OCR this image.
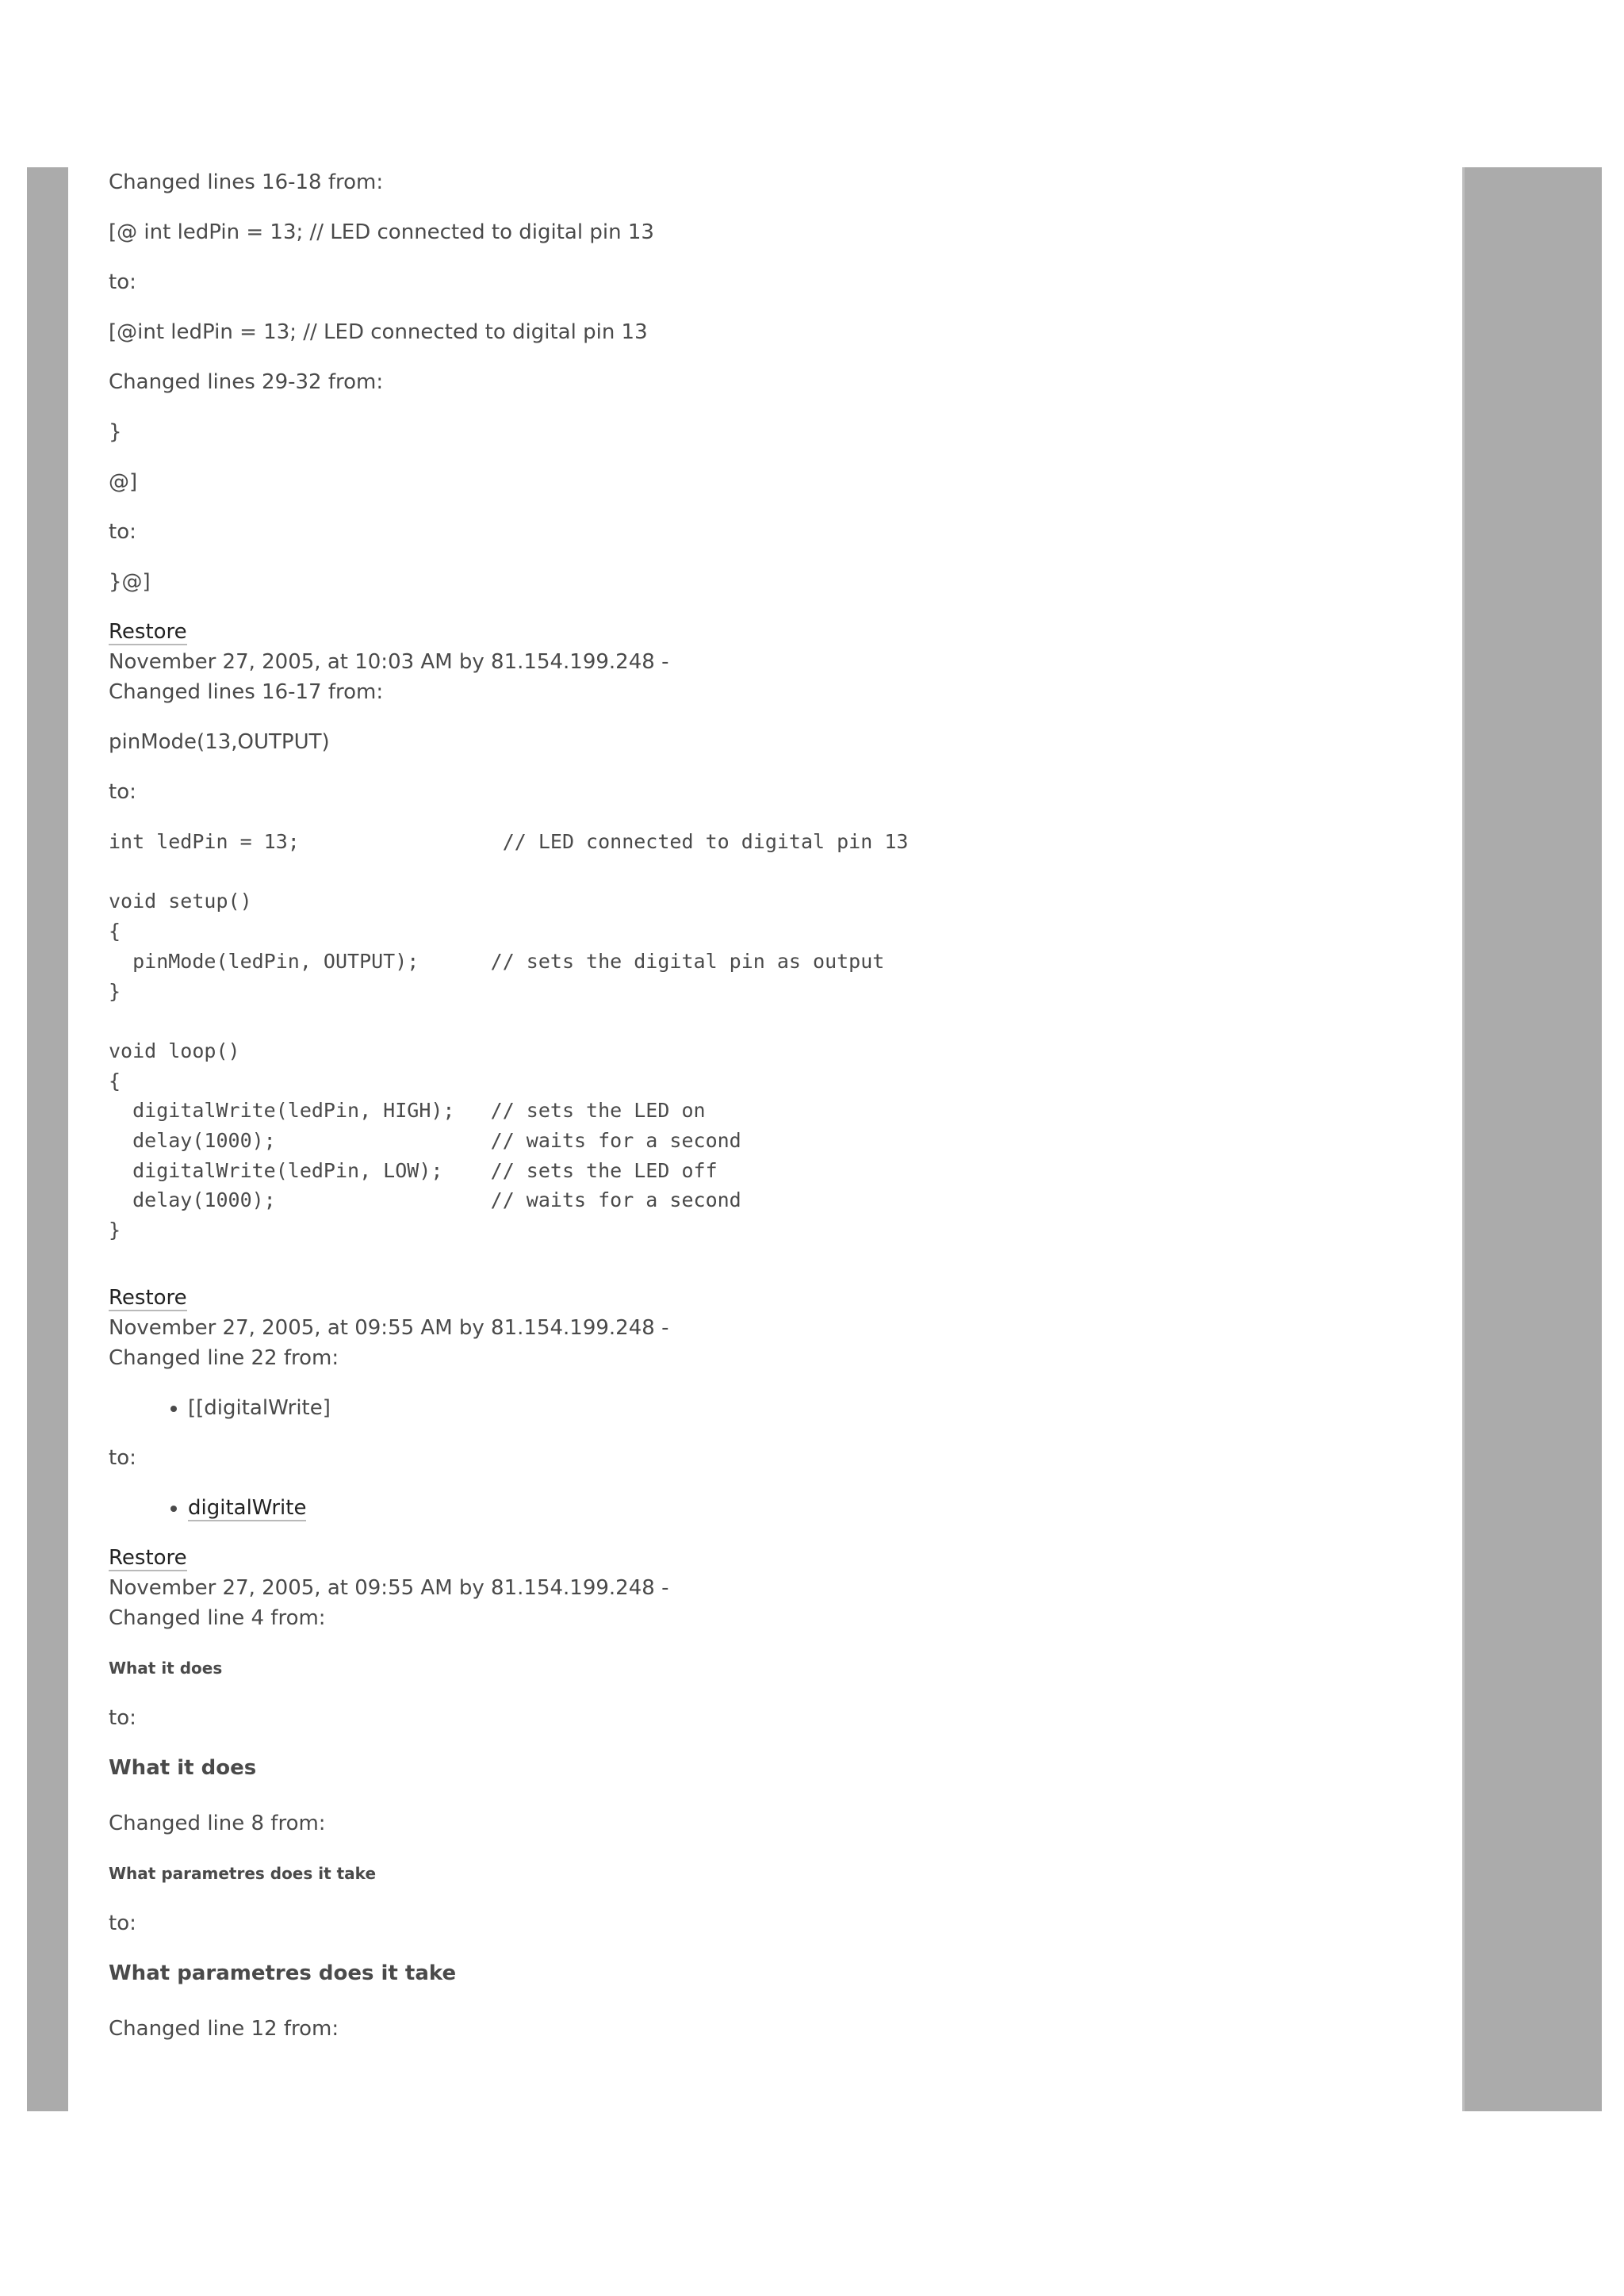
Changed lines 16-18 from:

[@ int ledPin = 13; // LED connected to digital pin 13

to:

[@int ledPin = 13; // LED connected to digital pin 13

Changed lines 29-32 from:

}

@]

to:

}@]

Restore

November 27, 2005, at 10:03 AM by 81.154.199.248 -

Changed lines 16-17 from:

pinMode(13,OUTPUT)

to:

int ledPin = 13;                 // LED connected to digital pin 13

void setup()
{
pinMode(ledPin, OUTPUT);      // sets the digital pin as output
}

void loop()
{
digitalWrite(ledPin, HIGH);   // sets the LED on
delay(1000);                  // waits for a second
digitalWrite(ledPin, LOW);    // sets the LED off
delay(1000);                  // waits for a second
}

Restore

November 27, 2005, at 09:55 AM by 81.154.199.248 -

Changed line 22 from:

• [[digitalWrite]

to:

• digitalWrite

Restore

November 27, 2005, at 09:55 AM by 81.154.199.248 -

Changed line 4 from:

What it does

to:

What it does

Changed line 8 from:

What parametres does it take

to:

What parametres does it take

Changed line 12 from:
